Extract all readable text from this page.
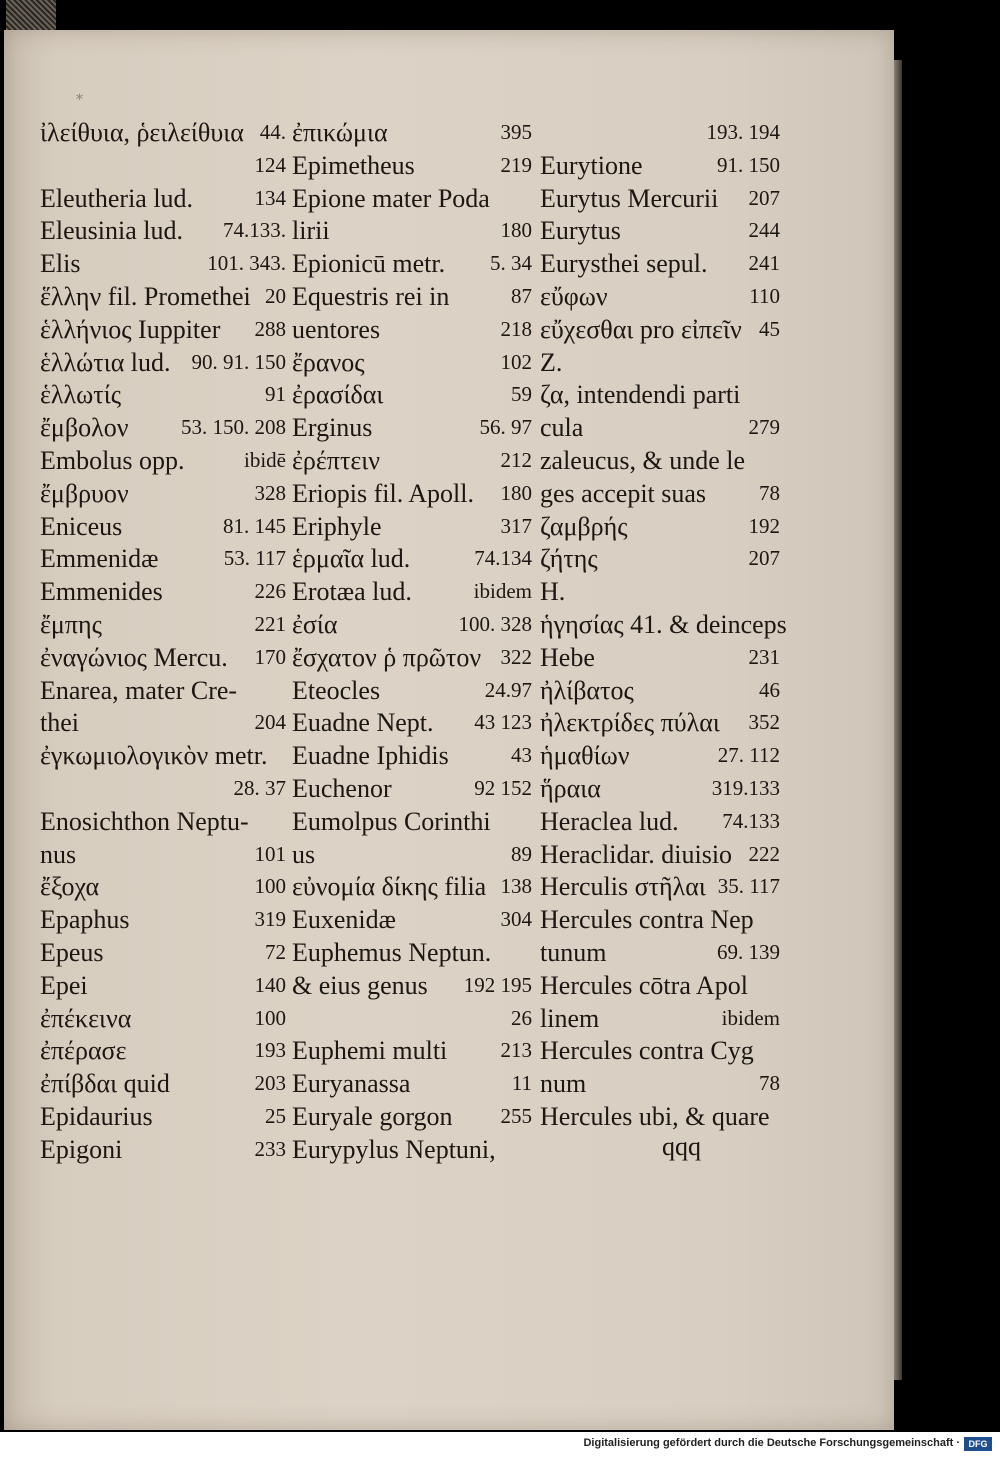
*
ἰλείθυια, ῥειλείθυια 44.
124
Eleutheria lud.	134
Eleusinia lud. 74.133.
Elis	101. 343.
ἕλλην fil. Promethei 20
ἑλλήνιος Iuppiter 288
ἑλλώτια lud. 90. 91. 150
ἑλλωτίς	91
ἔμβολον	53. 150. 208
Embolus opp.	ibidē
ἔμβρυον	328
Eniceus	81. 145
Emmenidæ	53. 117
Emmenides	226
ἔμπης	221
ἐναγώνιος Mercu. 170
Enarea, mater Cre-
thei	204
ἐγκωμιολογικὸν metr.
28. 37
Enosichthon Neptu-
nus	101
ἔξοχα	100
Epaphus	319
Epeus	72
Epei	140
ἐπέκεινα	100
ἐπέρασε	193
ἐπίβδαι quid	203
Epidaurius	25
Epigoni	233
ἐπικώμια	395
Epimetheus	219
Epione mater Poda
lirii	180
Epionicū metr. 5. 34
Equestris rei in	87
uentores	218
ἔρανος	102
ἐρασίδαι	59
Erginus	56. 97
ἐρέπτειν	212
Eriopis fil. Apoll. 180
Eriphyle	317
ἑρμαῖα lud.	74.134
Erotæa lud.	ibidem
ἐσία	100. 328
ἔσχατον ῥ πρῶτον 322
Eteocles	24.97
Euadne Nept. 43 123
Euadne Iphidis	43
Euchenor	92 152
Eumolpus Corinthi
us	89
εὐνομία δίκης filia 138
Euxenidæ	304
Euphemus Neptun.
& eius genus 192 195
26
Euphemi multi	213
Euryanassa	11
Euryale gorgon 255
Eurypylus Neptuni,
193. 194
Eurytione	91. 150
Eurytus Mercurii 207
Eurytus	244
Eurysthei sepul. 241
εὔφων	110
εὔχεσθαι pro εἰπεῖν 45
Z.
ζα, intendendi parti
cula	279
zaleucus, & unde le
ges accepit suas	78
ζαμβρής	192
ζήτης	207
H.
ἡγησίας 41. & deinceps
Hebe	231
ἠλίβατος	46
ἠλεκτρίδες πύλαι 352
ἡμαθίων	27. 112
ἥραια	319.133
Heraclea lud. 74.133
Heraclidar. diuisio 222
Herculis στῆλαι 35. 117
Hercules contra Nep
tunum	69. 139
Hercules cōtra Apol
linem	ibidem
Hercules contra Cyg
num	78
Hercules ubi, & quare
qqq
Digitalisierung gefördert durch die Deutsche Forschungsgemeinschaft · DFG
